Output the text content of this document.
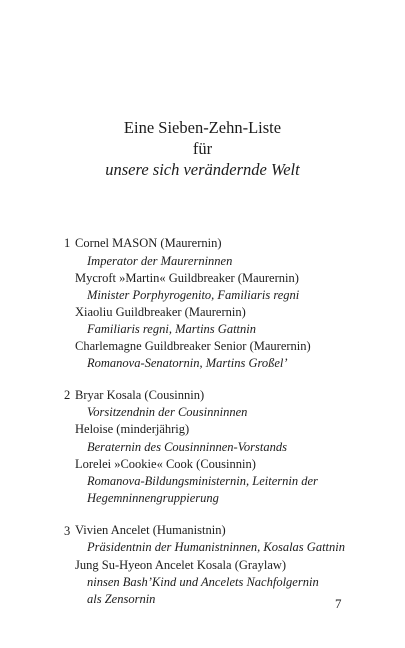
Eine Sieben-Zehn-Liste
für
unsere sich verändernde Welt
1 Cornel MASON (Maurernin)
Imperator der Maurerninnen
Mycroft »Martin« Guildbreaker (Maurernin)
Minister Porphyrogenito, Familiaris regni
Xiaoliu Guildbreaker (Maurernin)
Familiaris regni, Martins Gattnin
Charlemagne Guildbreaker Senior (Maurernin)
Romanova-Senatornin, Martins Großel’
2 Bryar Kosala (Cousinnin)
Vorsitzendnin der Cousinninnen
Heloise (minderjährig)
Beraternin des Cousinninnen-Vorstands
Lorelei »Cookie« Cook (Cousinnin)
Romanova-Bildungsministernin, Leiternin der
Hegemninnengruppierung
3 Vivien Ancelet (Humanistnin)
Präsidentnin der Humanistninnen, Kosalas Gattnin
Jung Su-Hyeon Ancelet Kosala (Graylaw)
ninsen Bash’Kind und Ancelets Nachfolgernin
als Zensornin	7
